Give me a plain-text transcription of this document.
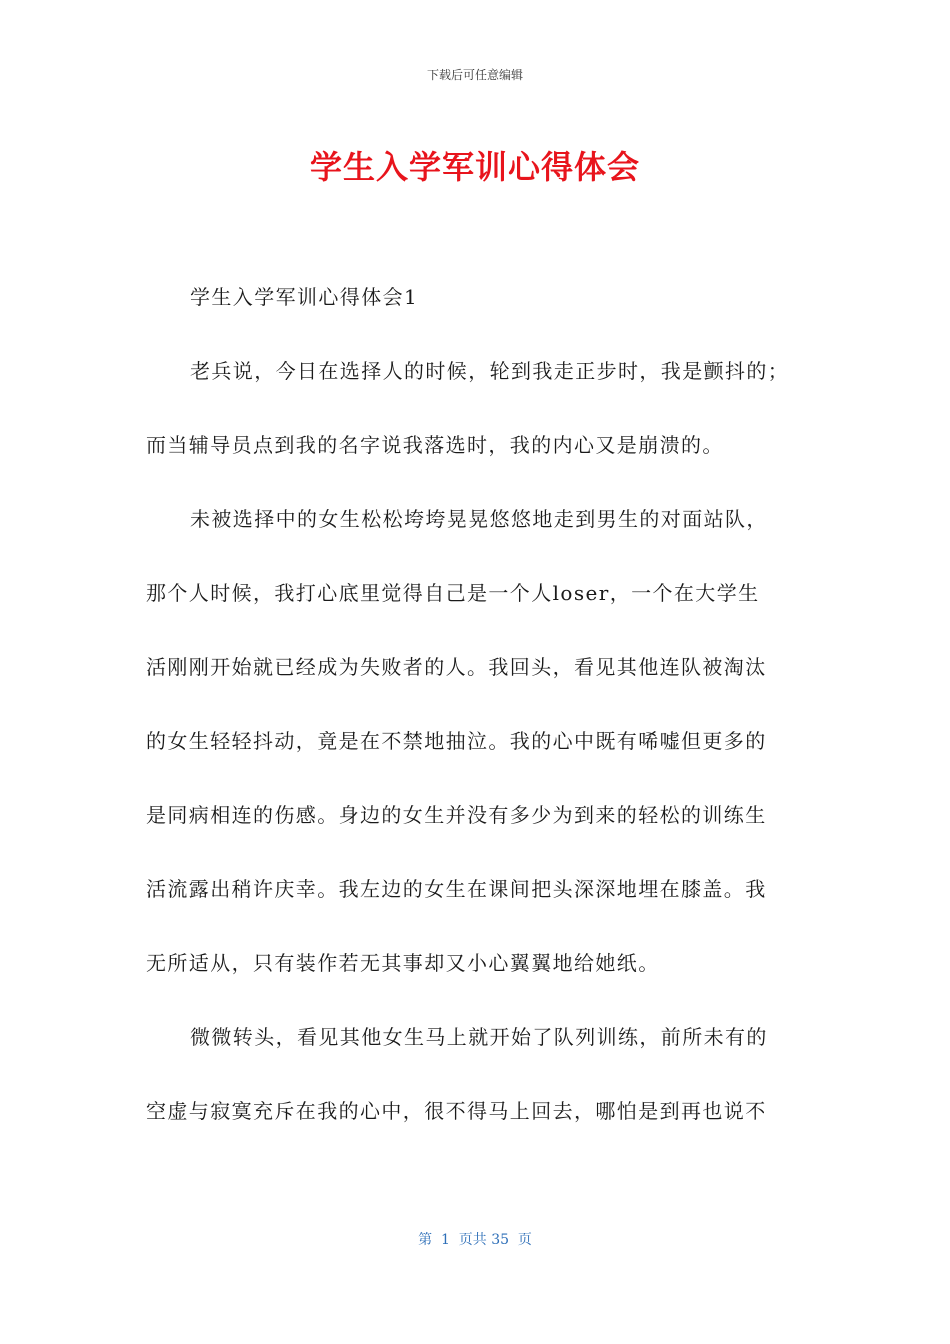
下载后可任意编辑
学生入学军训心得体会
学生入学军训心得体会1
老兵说，今日在选择人的时候，轮到我走正步时，我是颤抖的；
而当辅导员点到我的名字说我落选时，我的内心又是崩溃的。
未被选择中的女生松松垮垮晃晃悠悠地走到男生的对面站队，
那个人时候，我打心底里觉得自己是一个人loser，一个在大学生
活刚刚开始就已经成为失败者的人。我回头，看见其他连队被淘汰
的女生轻轻抖动，竟是在不禁地抽泣。我的心中既有唏嘘但更多的
是同病相连的伤感。身边的女生并没有多少为到来的轻松的训练生
活流露出稍许庆幸。我左边的女生在课间把头深深地埋在膝盖。我
无所适从，只有装作若无其事却又小心翼翼地给她纸。
微微转头，看见其他女生马上就开始了队列训练，前所未有的
空虚与寂寞充斥在我的心中，很不得马上回去，哪怕是到再也说不
第  1  页共 35  页
